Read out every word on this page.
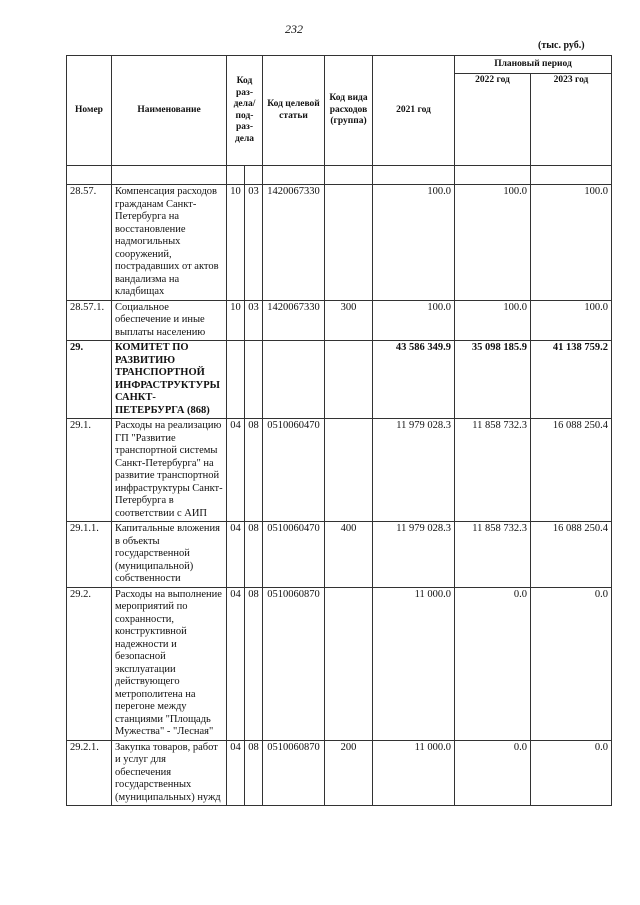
232
(тыс. руб.)
Номер	Наименование	Код раз-дела/ под-раз-дела		Код целевой статьи	Код вида расходов (группа)	2021 год	Плановый период	
							2022 год	2023 год

28.57.	Компенсация расходов гражданам Санкт-Петербурга на восстановление надмогильных сооружений, пострадавших от актов вандализма на кладбищах	10	03	1420067330		100.0	100.0	100.0
28.57.1.	Социальное обеспечение и иные выплаты населению	10	03	1420067330	300	100.0	100.0	100.0
29.	КОМИТЕТ ПО РАЗВИТИЮ ТРАНСПОРТНОЙ ИНФРАСТРУКТУРЫ САНКТ-ПЕТЕРБУРГА (868)					43 586 349.9	35 098 185.9	41 138 759.2
29.1.	Расходы на реализацию ГП "Развитие транспортной системы Санкт-Петербурга" на развитие транспортной инфраструктуры Санкт-Петербурга в соответствии с АИП	04	08	0510060470		11 979 028.3	11 858 732.3	16 088 250.4
29.1.1.	Капитальные вложения в объекты государственной (муниципальной) собственности	04	08	0510060470	400	11 979 028.3	11 858 732.3	16 088 250.4
29.2.	Расходы на выполнение мероприятий по сохранности, конструктивной надежности и безопасной эксплуатации действующего метрополитена на перегоне между станциями "Площадь Мужества" - "Лесная"	04	08	0510060870		11 000.0	0.0	0.0
29.2.1.	Закупка товаров, работ и услуг для обеспечения государственных (муниципальных) нужд	04	08	0510060870	200	11 000.0	0.0	0.0
